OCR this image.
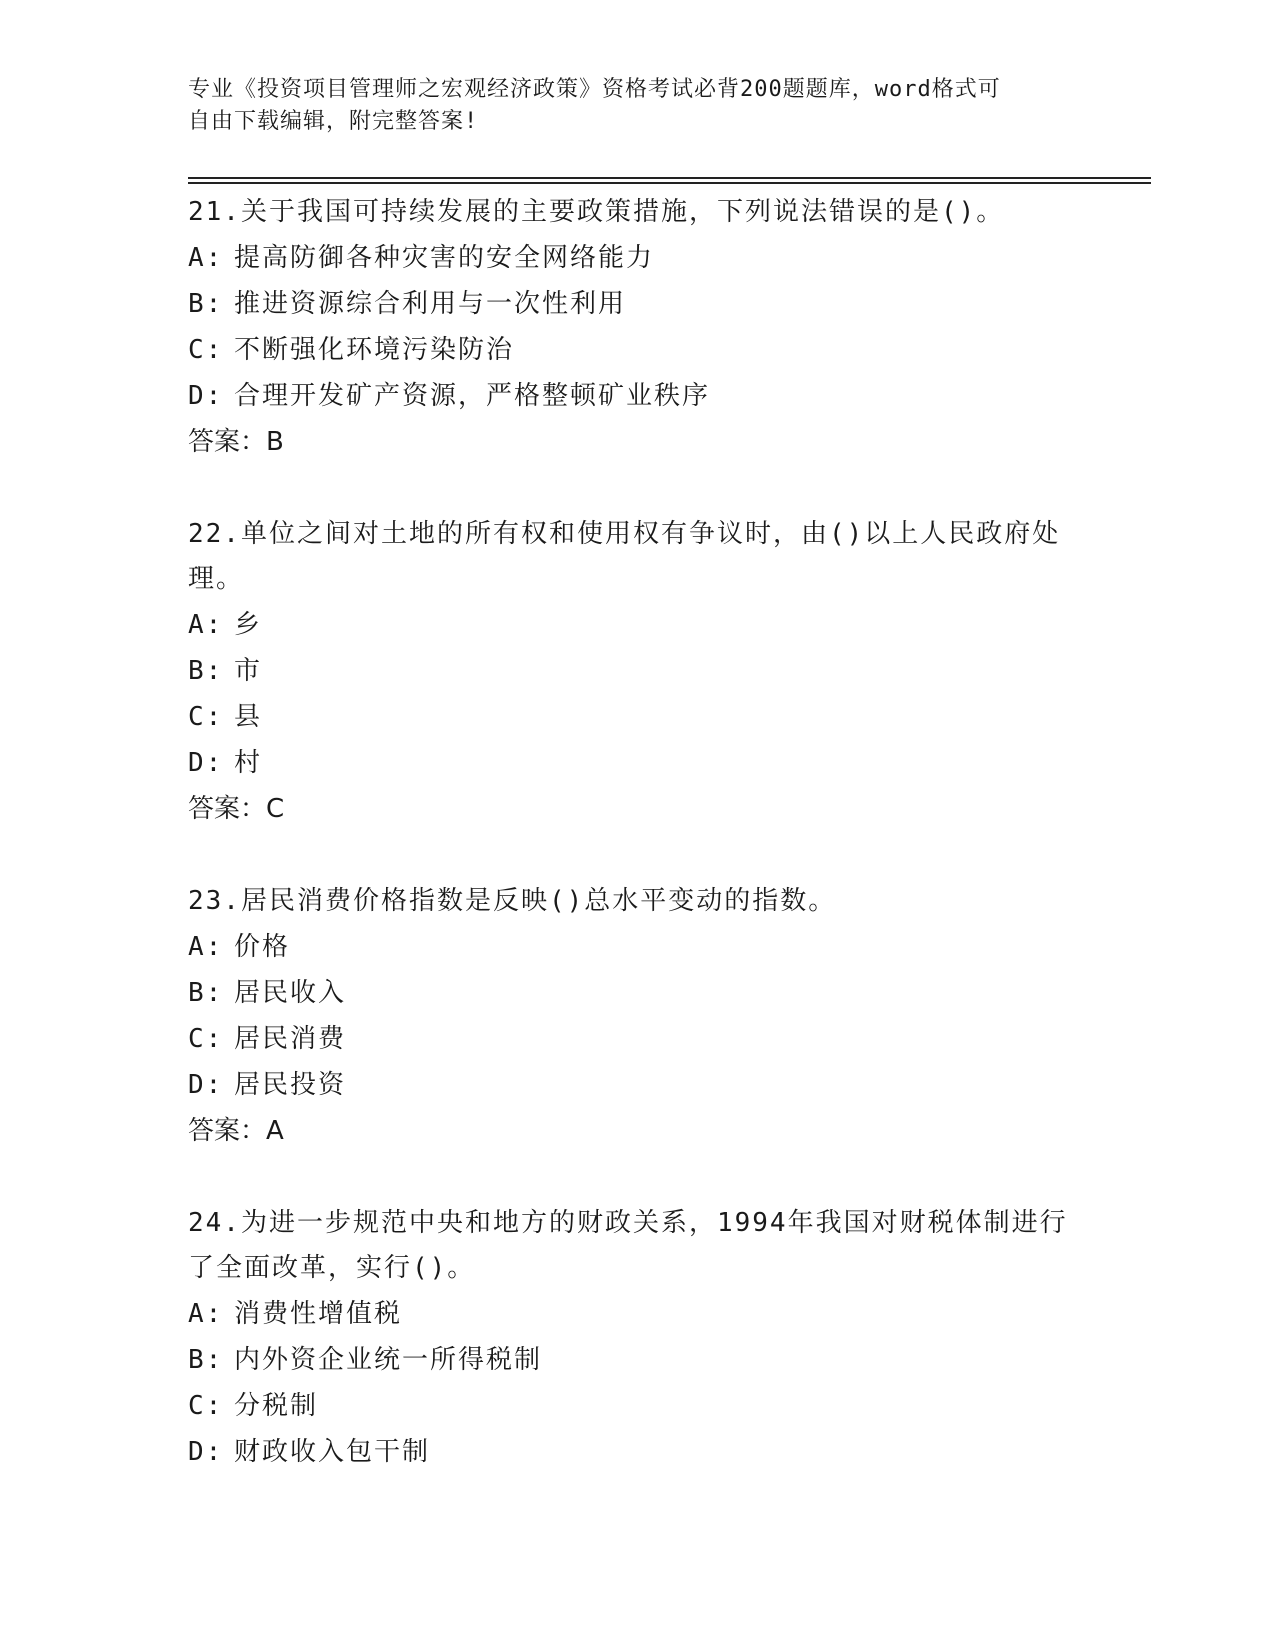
专业《投资项目管理师之宏观经济政策》资格考试必背200题题库，word格式可
自由下载编辑，附完整答案!

21.关于我国可持续发展的主要政策措施，下列说法错误的是()。

A: 提高防御各种灾害的安全网络能力

B: 推进资源综合利用与一次性利用

C: 不断强化环境污染防治

D: 合理开发矿产资源，严格整顿矿业秩序

答案：B

22.单位之间对土地的所有权和使用权有争议时，由()以上人民政府处理。

A: 乡

B: 市

C: 县

D: 村

答案：C

23.居民消费价格指数是反映()总水平变动的指数。

A: 价格

B: 居民收入

C: 居民消费

D: 居民投资

答案：A

24.为进一步规范中央和地方的财政关系，1994年我国对财税体制进行了全面改革，实行()。

A: 消费性增值税

B: 内外资企业统一所得税制

C: 分税制

D: 财政收入包干制
